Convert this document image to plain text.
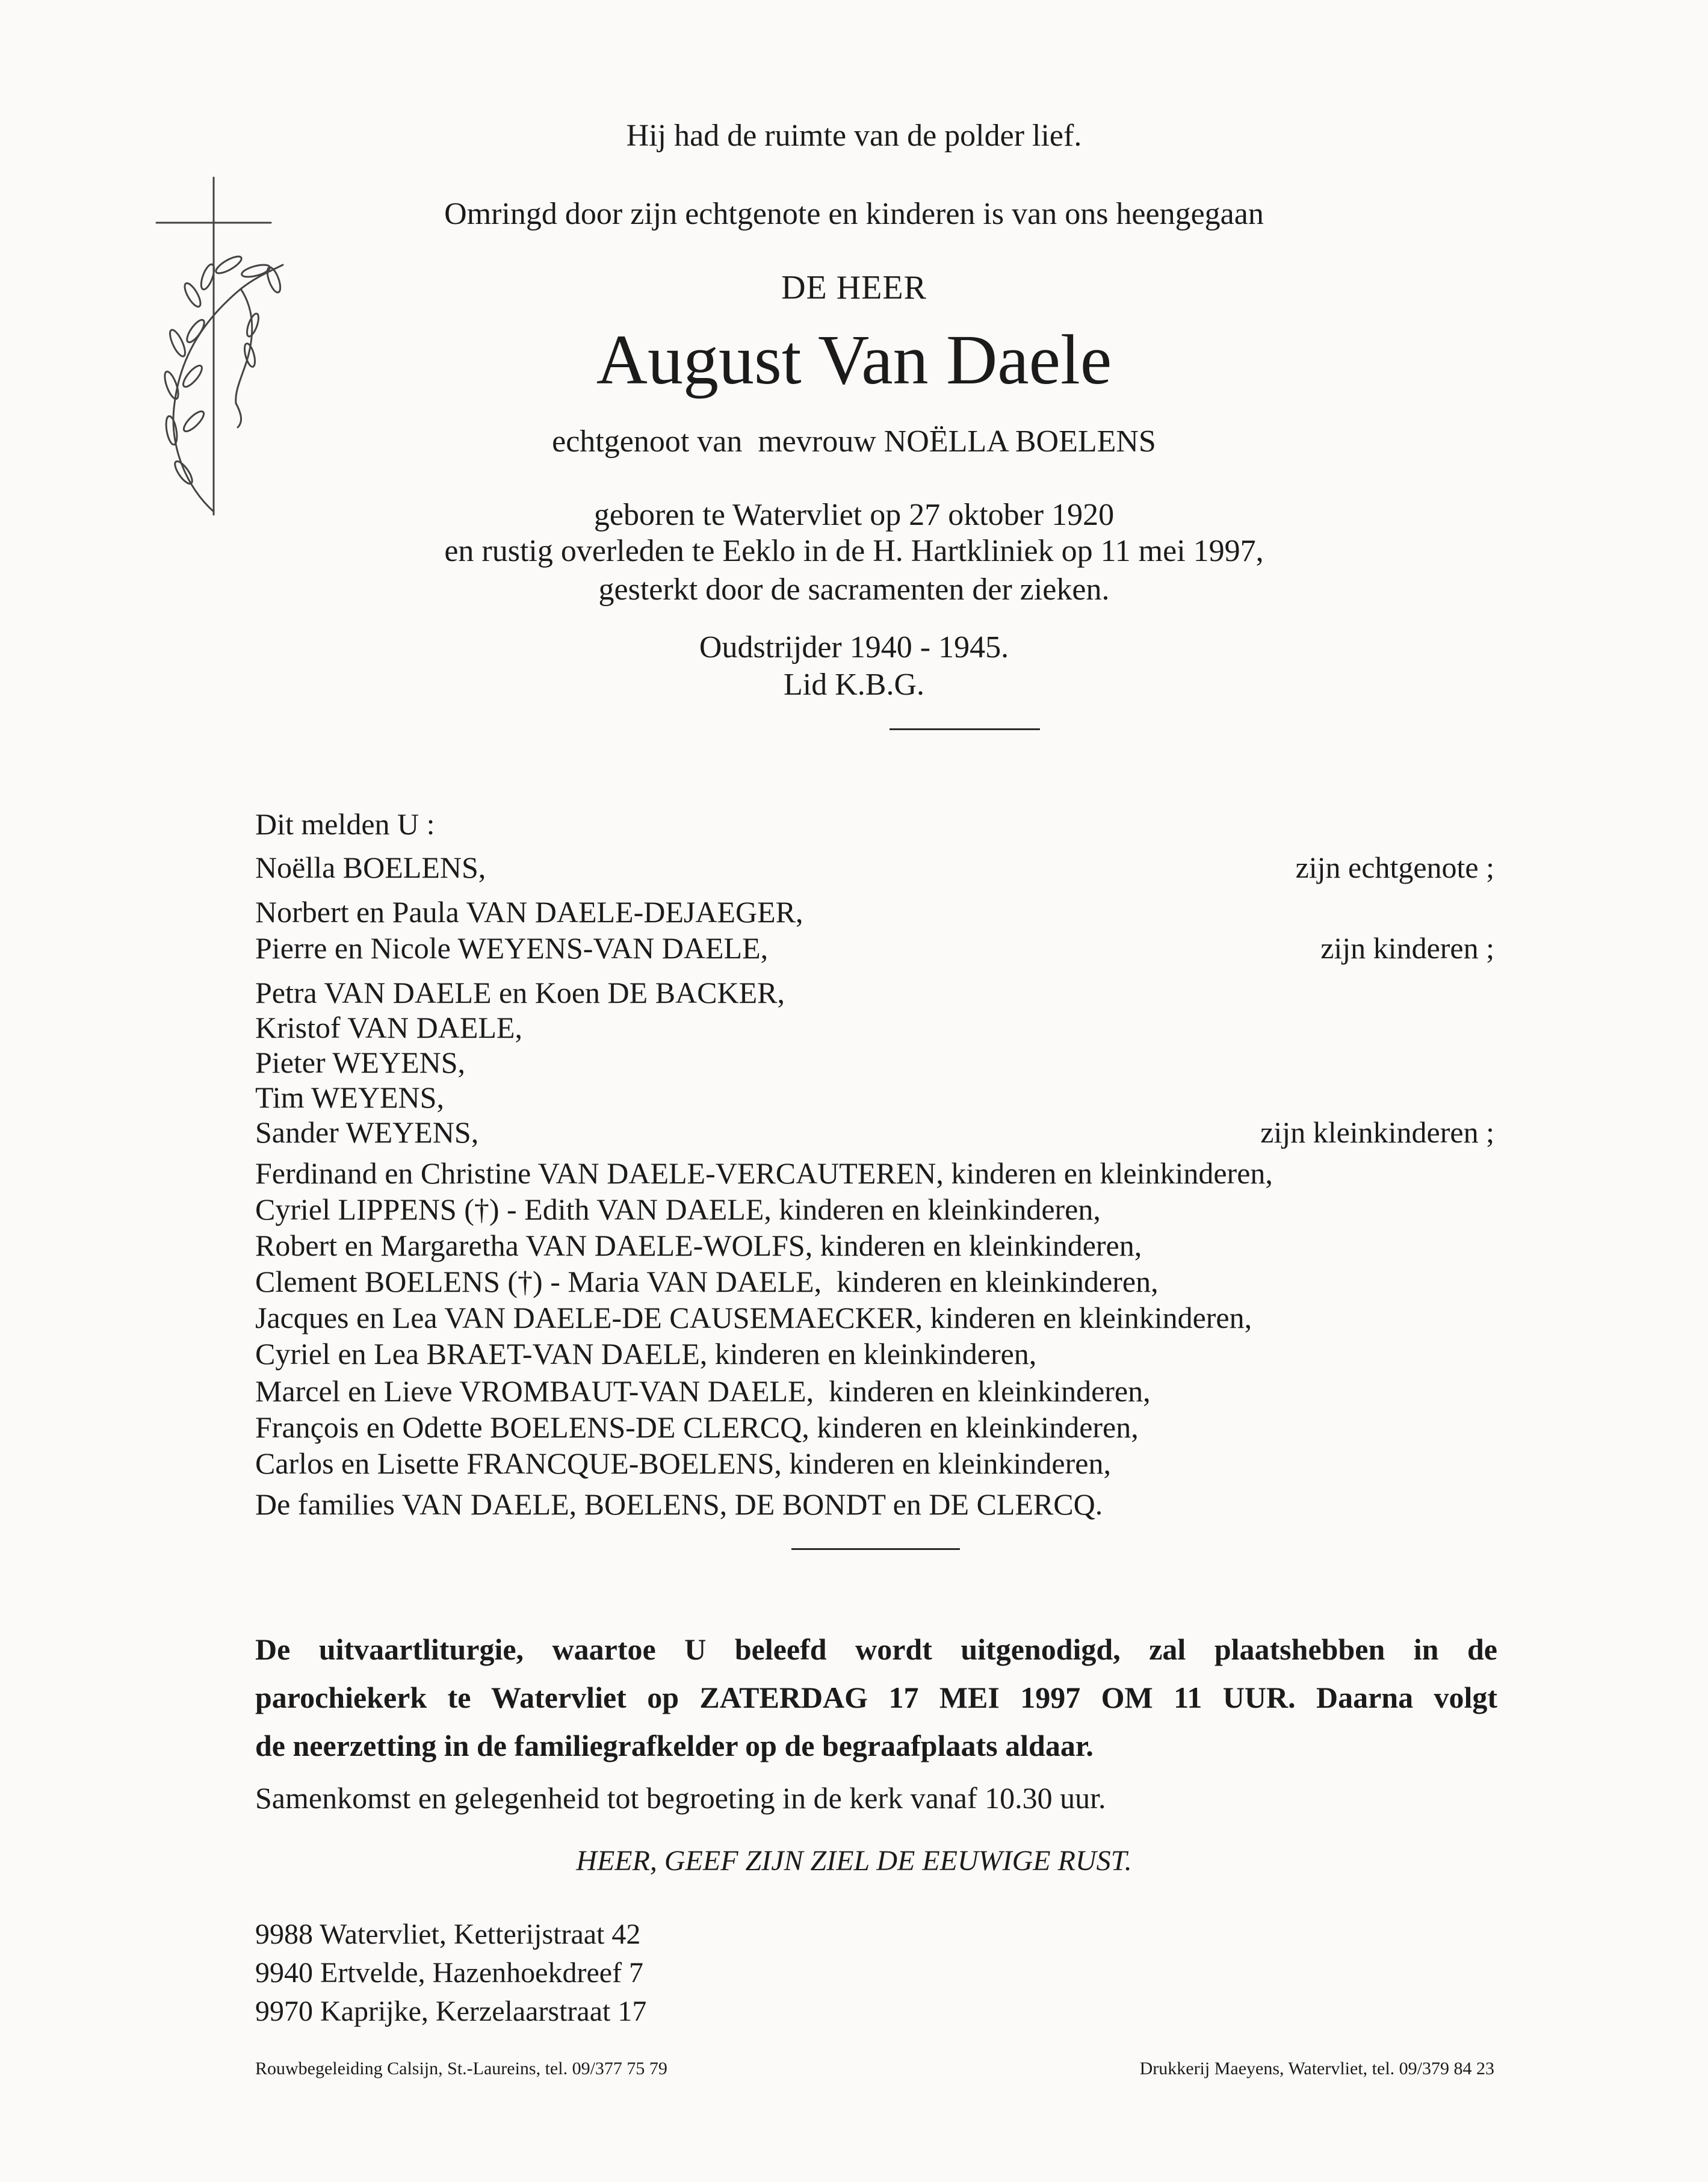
Hij had de ruimte van de polder lief.
Omringd door zijn echtgenote en kinderen is van ons heengegaan
DE HEER
August Van Daele
echtgenoot van  mevrouw NOËLLA BOELENS
geboren te Watervliet op 27 oktober 1920
en rustig overleden te Eeklo in de H. Hartkliniek op 11 mei 1997,
gesterkt door de sacramenten der zieken.
Oudstrijder 1940 - 1945.
Lid K.B.G.
Dit melden U :
Noëlla BOELENS,
Norbert en Paula VAN DAELE-DEJAEGER,
Pierre en Nicole WEYENS-VAN DAELE,
Petra VAN DAELE en Koen DE BACKER,
Kristof VAN DAELE,
Pieter WEYENS,
Tim WEYENS,
Sander WEYENS,
Ferdinand en Christine VAN DAELE-VERCAUTEREN, kinderen en kleinkinderen,
Cyriel LIPPENS (†) - Edith VAN DAELE, kinderen en kleinkinderen,
Robert en Margaretha VAN DAELE-WOLFS, kinderen en kleinkinderen,
Clement BOELENS (†) - Maria VAN DAELE,  kinderen en kleinkinderen,
Jacques en Lea VAN DAELE-DE CAUSEMAECKER, kinderen en kleinkinderen,
Cyriel en Lea BRAET-VAN DAELE, kinderen en kleinkinderen,
Marcel en Lieve VROMBAUT-VAN DAELE,  kinderen en kleinkinderen,
François en Odette BOELENS-DE CLERCQ, kinderen en kleinkinderen,
Carlos en Lisette FRANCQUE-BOELENS, kinderen en kleinkinderen,
De families VAN DAELE, BOELENS, DE BONDT en DE CLERCQ.
zijn echtgenote ;
zijn kinderen ;
zijn kleinkinderen ;
De uitvaartliturgie, waartoe U beleefd wordt uitgenodigd, zal plaatshebben in de
parochiekerk te Watervliet op ZATERDAG 17 MEI 1997 OM 11 UUR. Daarna volgt
de neerzetting in de familiegrafkelder op de begraafplaats aldaar.
Samenkomst en gelegenheid tot begroeting in de kerk vanaf 10.30 uur.
HEER, GEEF ZIJN ZIEL DE EEUWIGE RUST.
9988 Watervliet, Ketterijstraat 42
9940 Ertvelde, Hazenhoekdreef 7
9970 Kaprijke, Kerzelaarstraat 17
Rouwbegeleiding Calsijn, St.-Laureins, tel. 09/377 75 79	Drukkerij Maeyens, Watervliet, tel. 09/379 84 23
